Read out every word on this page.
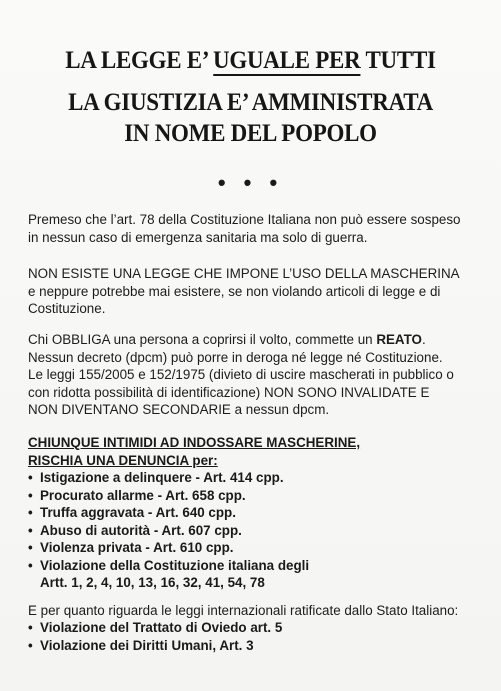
LA LEGGE E’ UGUALE PER TUTTI
LA GIUSTIZIA E’ AMMINISTRATA
IN NOME DEL POPOLO
• • •
Premeso che l’art. 78 della Costituzione Italiana non può essere sospeso
in nessun caso di emergenza sanitaria ma solo di guerra.
NON ESISTE UNA LEGGE CHE IMPONE L’USO DELLA MASCHERINA
e neppure potrebbe mai esistere, se non violando articoli di legge e di
Costituzione.
Chi OBBLIGA una persona a coprirsi il volto, commette un REATO.
Nessun decreto (dpcm) può porre in deroga né legge né Costituzione.
Le leggi 155/2005 e 152/1975 (divieto di uscire mascherati in pubblico o
con ridotta possibilità di identificazione) NON SONO INVALIDATE E
NON DIVENTANO SECONDARIE a nessun dpcm.
CHIUNQUE INTIMIDI AD INDOSSARE MASCHERINE,
RISCHIA UNA DENUNCIA per:
• Istigazione a delinquere - Art. 414 cpp.
• Procurato allarme - Art. 658 cpp.
• Truffa aggravata - Art. 640 cpp.
• Abuso di autorità - Art. 607 cpp.
• Violenza privata - Art. 610 cpp.
• Violazione della Costituzione italiana degli
Artt. 1, 2, 4, 10, 13, 16, 32, 41, 54, 78
E per quanto riguarda le leggi internazionali ratificate dallo Stato Italiano:
• Violazione del Trattato di Oviedo art. 5
• Violazione dei Diritti Umani, Art. 3
